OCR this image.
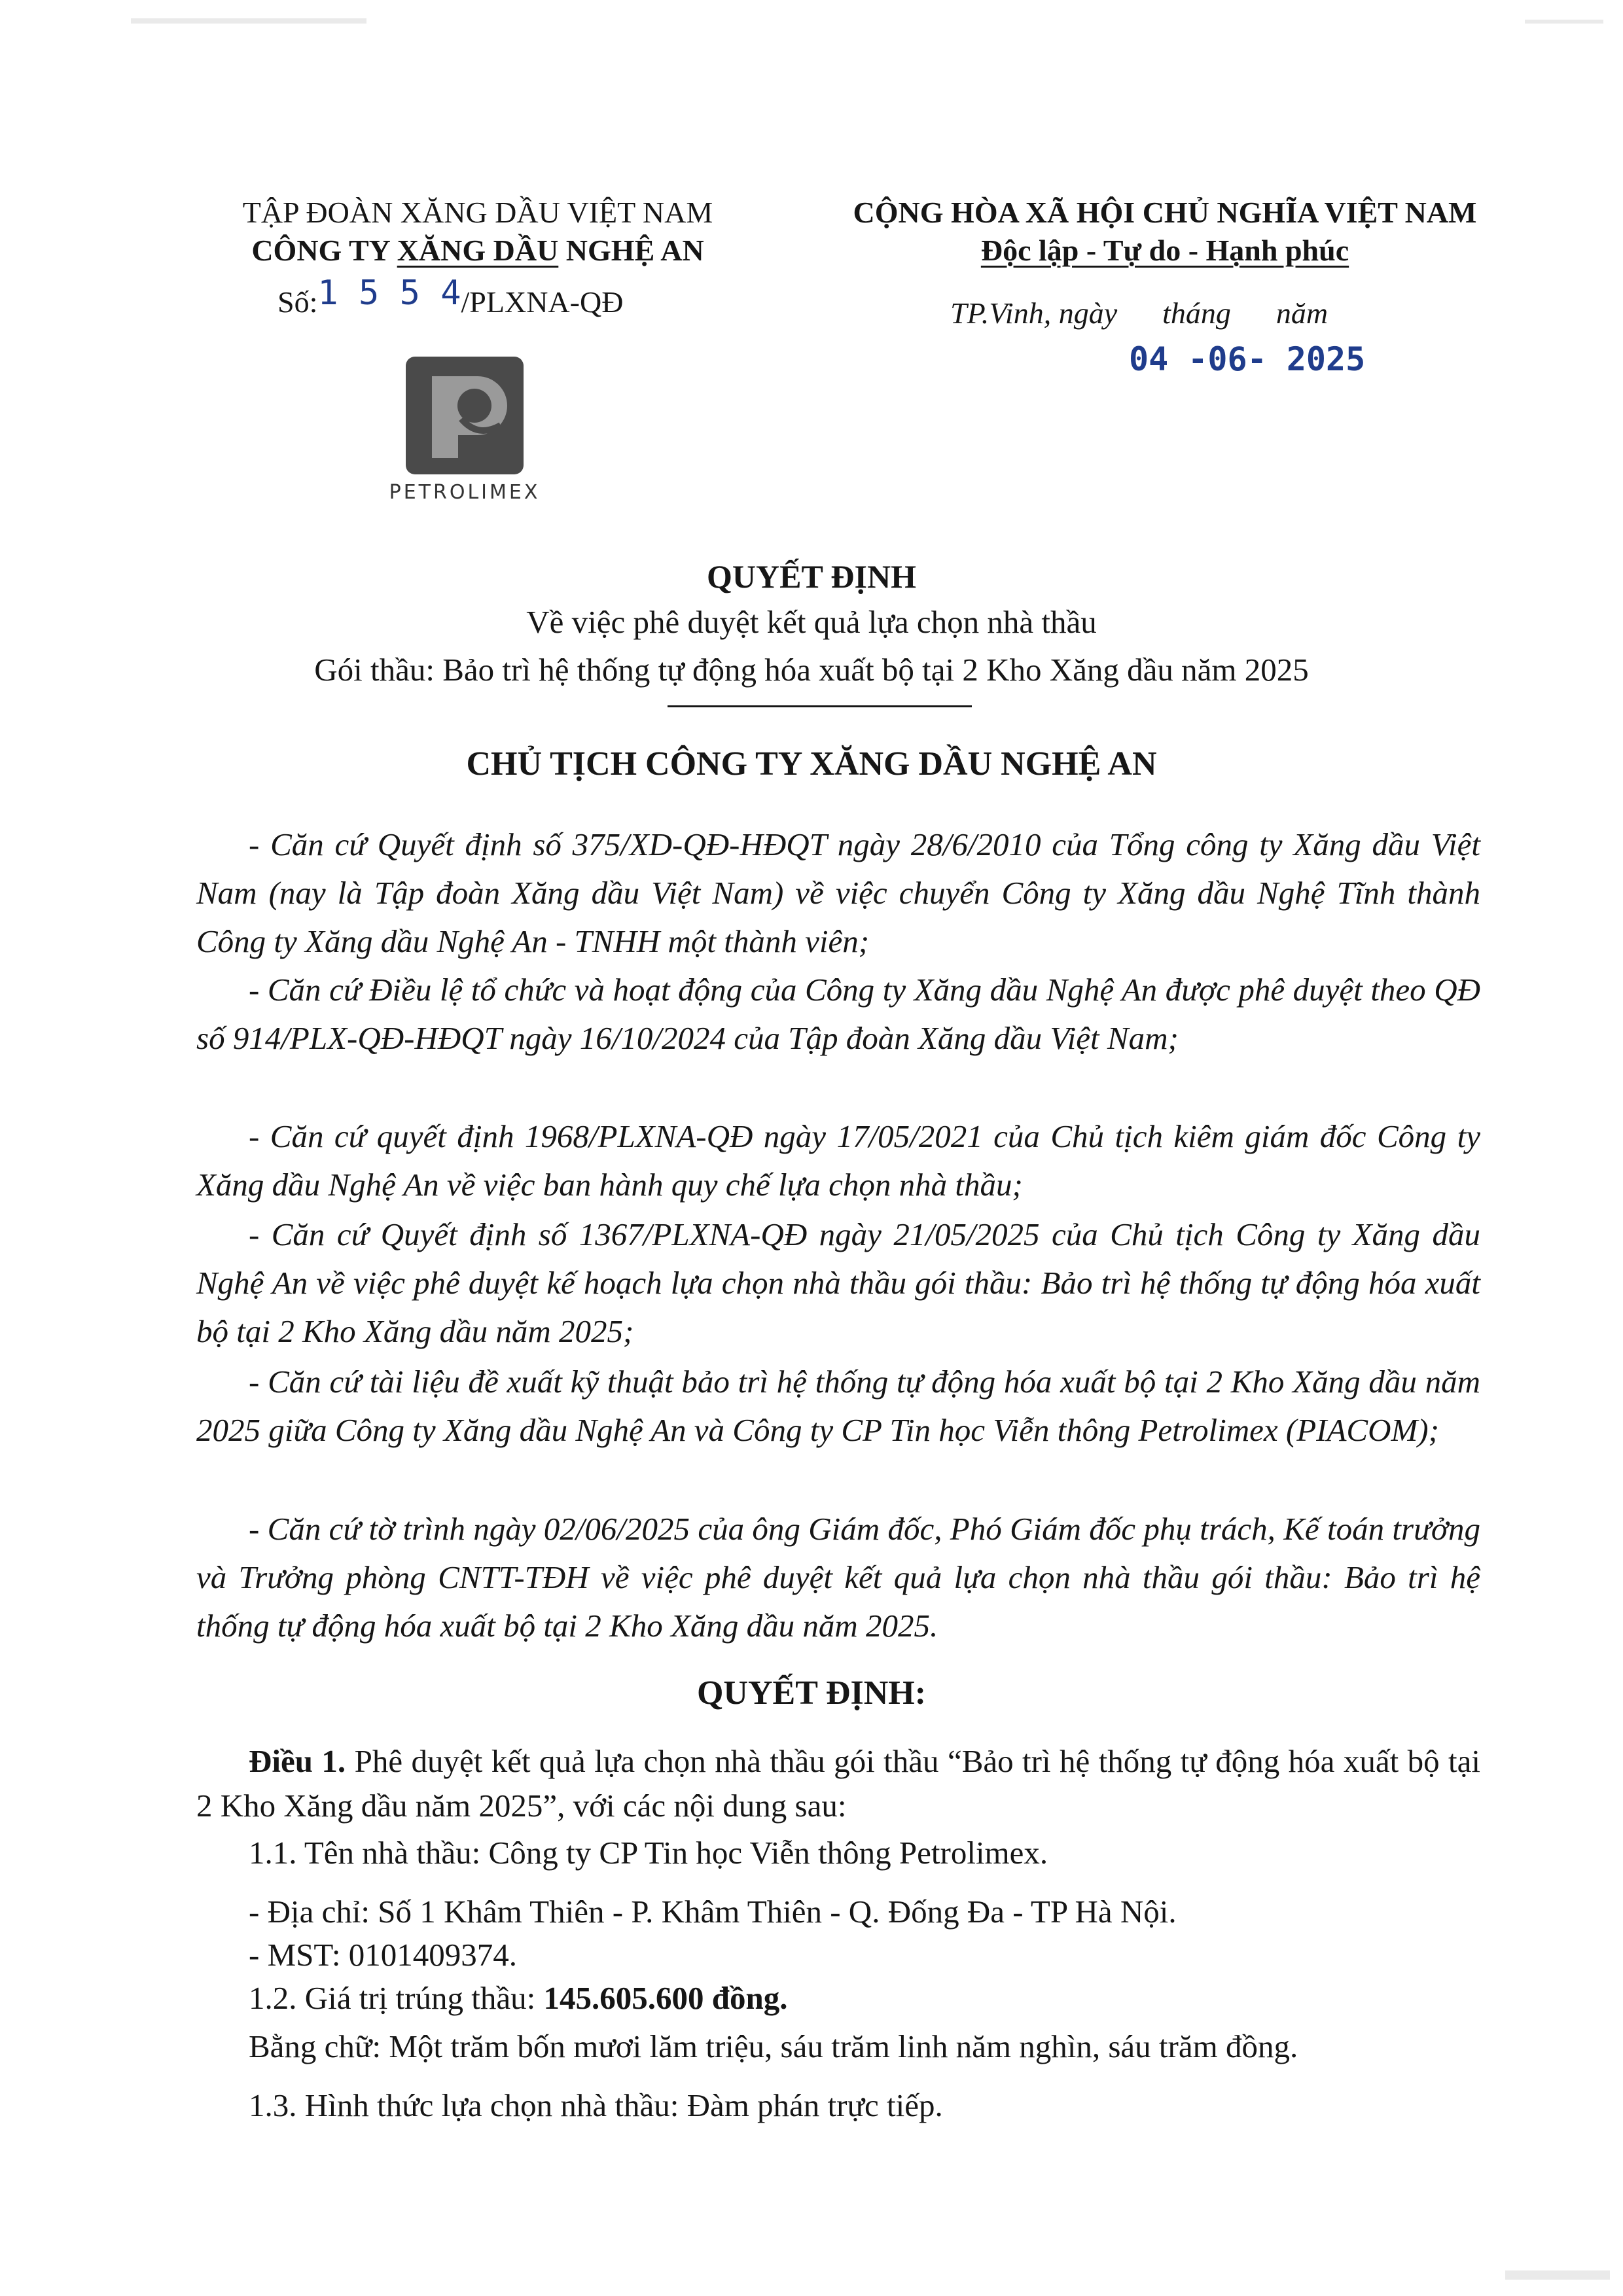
TẬP ĐOÀN XĂNG DẦU VIỆT NAM
CÔNG TY XĂNG DẦU NGHỆ AN
Số:1 5 5 4/PLXNA-QĐ
PETROLIMEX
CỘNG HÒA XÃ HỘI CHỦ NGHĨA VIỆT NAM
Độc lập - Tự do - Hạnh phúc
TP.Vinh, ngày      tháng      năm
04 -06- 2025
QUYẾT ĐỊNH
Về việc phê duyệt kết quả lựa chọn nhà thầu
Gói thầu: Bảo trì hệ thống tự động hóa xuất bộ tại 2 Kho Xăng dầu năm 2025
CHỦ TỊCH CÔNG TY XĂNG DẦU NGHỆ AN
- Căn cứ Quyết định số 375/XD-QĐ-HĐQT ngày 28/6/2010 của Tổng công ty Xăng dầu Việt Nam (nay là Tập đoàn Xăng dầu Việt Nam) về việc chuyển Công ty Xăng dầu Nghệ Tĩnh thành Công ty Xăng dầu Nghệ An - TNHH một thành viên;
- Căn cứ Điều lệ tổ chức và hoạt động của Công ty Xăng dầu Nghệ An được phê duyệt theo QĐ số 914/PLX-QĐ-HĐQT ngày 16/10/2024 của Tập đoàn Xăng dầu Việt Nam;
- Căn cứ quyết định 1968/PLXNA-QĐ ngày 17/05/2021 của Chủ tịch kiêm giám đốc Công ty Xăng dầu Nghệ An về việc ban hành quy chế lựa chọn nhà thầu;
- Căn cứ Quyết định số 1367/PLXNA-QĐ ngày 21/05/2025 của Chủ tịch Công ty Xăng dầu Nghệ An về việc phê duyệt kế hoạch lựa chọn nhà thầu gói thầu: Bảo trì hệ thống tự động hóa xuất bộ tại 2 Kho Xăng dầu năm 2025;
- Căn cứ tài liệu đề xuất kỹ thuật bảo trì hệ thống tự động hóa xuất bộ tại 2 Kho Xăng dầu năm 2025 giữa Công ty Xăng dầu Nghệ An và Công ty CP Tin học Viễn thông Petrolimex (PIACOM);
- Căn cứ tờ trình ngày 02/06/2025 của ông Giám đốc, Phó Giám đốc phụ trách, Kế toán trưởng và Trưởng phòng CNTT-TĐH về việc phê duyệt kết quả lựa chọn nhà thầu gói thầu: Bảo trì hệ thống tự động hóa xuất bộ tại 2 Kho Xăng dầu năm 2025.
QUYẾT ĐỊNH:
Điều 1. Phê duyệt kết quả lựa chọn nhà thầu gói thầu “Bảo trì hệ thống tự động hóa xuất bộ tại 2 Kho Xăng dầu năm 2025”, với các nội dung sau:
1.1. Tên nhà thầu: Công ty CP Tin học Viễn thông Petrolimex.
- Địa chỉ: Số 1 Khâm Thiên - P. Khâm Thiên - Q. Đống Đa - TP Hà Nội.
- MST: 0101409374.
1.2. Giá trị trúng thầu: 145.605.600 đồng.
Bằng chữ: Một trăm bốn mươi lăm triệu, sáu trăm linh năm nghìn, sáu trăm đồng.
1.3. Hình thức lựa chọn nhà thầu: Đàm phán trực tiếp.
